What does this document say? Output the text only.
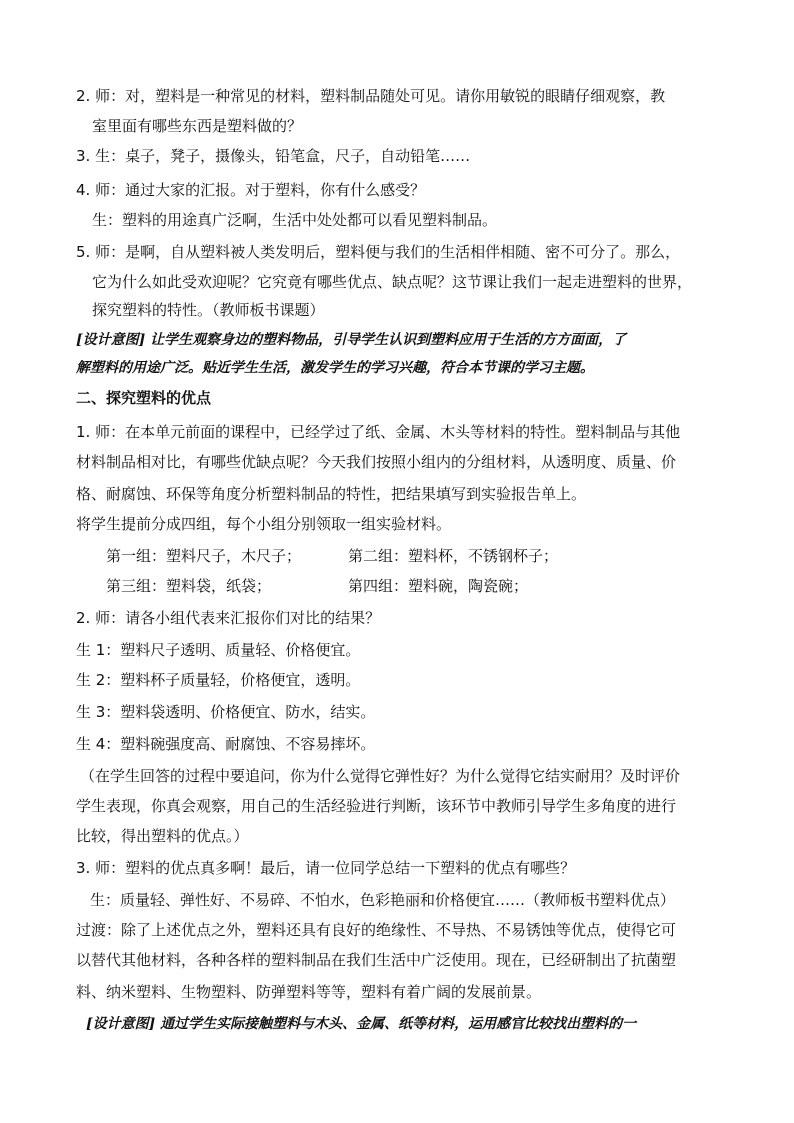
2. 师：对，塑料是一种常见的材料，塑料制品随处可见。请你用敏锐的眼睛仔细观察，教
室里面有哪些东西是塑料做的？
3. 生：桌子，凳子，摄像头，铅笔盒，尺子，自动铅笔……
4. 师：通过大家的汇报。对于塑料，你有什么感受？
生：塑料的用途真广泛啊，生活中处处都可以看见塑料制品。
5. 师：是啊，自从塑料被人类发明后，塑料便与我们的生活相伴相随、密不可分了。那么，
它为什么如此受欢迎呢？它究竟有哪些优点、缺点呢？这节课让我们一起走进塑料的世界，
探究塑料的特性。（教师板书课题）
[设计意图] 让学生观察身边的塑料物品，引导学生认识到塑料应用于生活的方方面面，了
解塑料的用途广泛。贴近学生生活，激发学生的学习兴趣，符合本节课的学习主题。
二、探究塑料的优点
1. 师：在本单元前面的课程中，已经学过了纸、金属、木头等材料的特性。塑料制品与其他
材料制品相对比，有哪些优缺点呢？今天我们按照小组内的分组材料，从透明度、质量、价
格、耐腐蚀、环保等角度分析塑料制品的特性，把结果填写到实验报告单上。
将学生提前分成四组，每个小组分别领取一组实验材料。
第一组：塑料尺子，木尺子；	第二组：塑料杯，不锈钢杯子；
第三组：塑料袋，纸袋；	第四组：塑料碗，陶瓷碗；
2. 师：请各小组代表来汇报你们对比的结果？
生 1：塑料尺子透明、质量轻、价格便宜。
生 2：塑料杯子质量轻，价格便宜，透明。
生 3：塑料袋透明、价格便宜、防水，结实。
生 4：塑料碗强度高、耐腐蚀、不容易摔坏。
（在学生回答的过程中要追问，你为什么觉得它弹性好？为什么觉得它结实耐用？及时评价
学生表现，你真会观察，用自己的生活经验进行判断，该环节中教师引导学生多角度的进行
比较，得出塑料的优点。）
3. 师：塑料的优点真多啊！最后，请一位同学总结一下塑料的优点有哪些？
生：质量轻、弹性好、不易碎、不怕水，色彩艳丽和价格便宜……（教师板书塑料优点）
过渡：除了上述优点之外，塑料还具有良好的绝缘性、不导热、不易锈蚀等优点，使得它可
以替代其他材料，各种各样的塑料制品在我们生活中广泛使用。现在，已经研制出了抗菌塑
料、纳米塑料、生物塑料、防弹塑料等等，塑料有着广阔的发展前景。
[设计意图] 通过学生实际接触塑料与木头、金属、纸等材料，运用感官比较找出塑料的一
